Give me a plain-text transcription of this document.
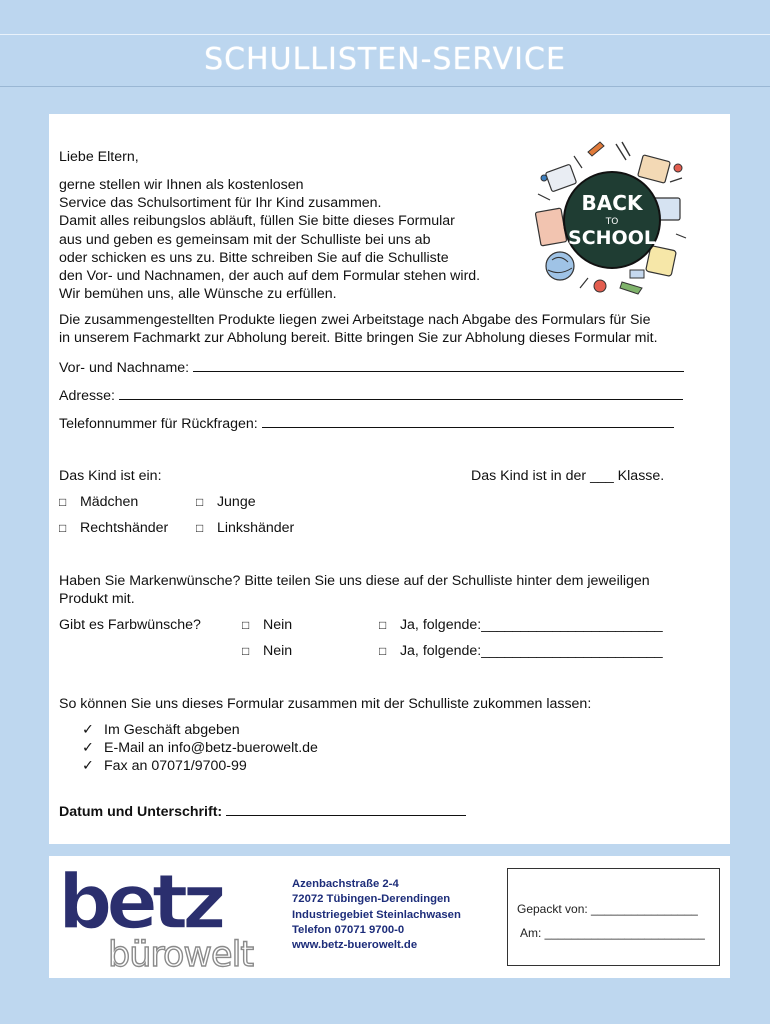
SCHULLISTEN-SERVICE
Liebe Eltern,
gerne stellen wir Ihnen als kostenlosen
Service das Schulsortiment für Ihr Kind zusammen.
Damit alles reibungslos abläuft, füllen Sie bitte dieses Formular
aus und geben es gemeinsam mit der Schulliste bei uns ab
oder schicken es uns zu. Bitte schreiben Sie auf die Schulliste
den Vor- und Nachnamen, der auch auf dem Formular stehen wird.
Wir bemühen uns, alle Wünsche zu erfüllen.
BACK
TO
SCHOOL
Die zusammengestellten Produkte liegen zwei Arbeitstage nach Abgabe des Formulars für Sie
in unserem Fachmarkt zur Abholung bereit. Bitte bringen Sie zur Abholung dieses Formular mit.
Vor- und Nachname:
Adresse:
Telefonnummer für Rückfragen:
Das Kind ist ein:	Das Kind ist in der ___ Klasse.
□ Mädchen	□ Junge
□ Rechtshänder □ Linkshänder
Haben Sie Markenwünsche? Bitte teilen Sie uns diese auf der Schulliste hinter dem jeweiligen
Produkt mit.
Gibt es Farbwünsche?	□ Nein	□ Ja, folgende:_______________________
□ Nein	□ Ja, folgende:_______________________
So können Sie uns dieses Formular zusammen mit der Schulliste zukommen lassen:
✓ Im Geschäft abgeben
✓ E-Mail an info@betz-buerowelt.de
✓ Fax an 07071/9700-99
Datum und Unterschrift:
betz
bürowelt
Azenbachstraße 2-4
72072 Tübingen-Derendingen
Industriegebiet Steinlachwasen
Telefon 07071 9700-0
www.betz-buerowelt.de
Gepackt von: ________________
Am: ________________________
